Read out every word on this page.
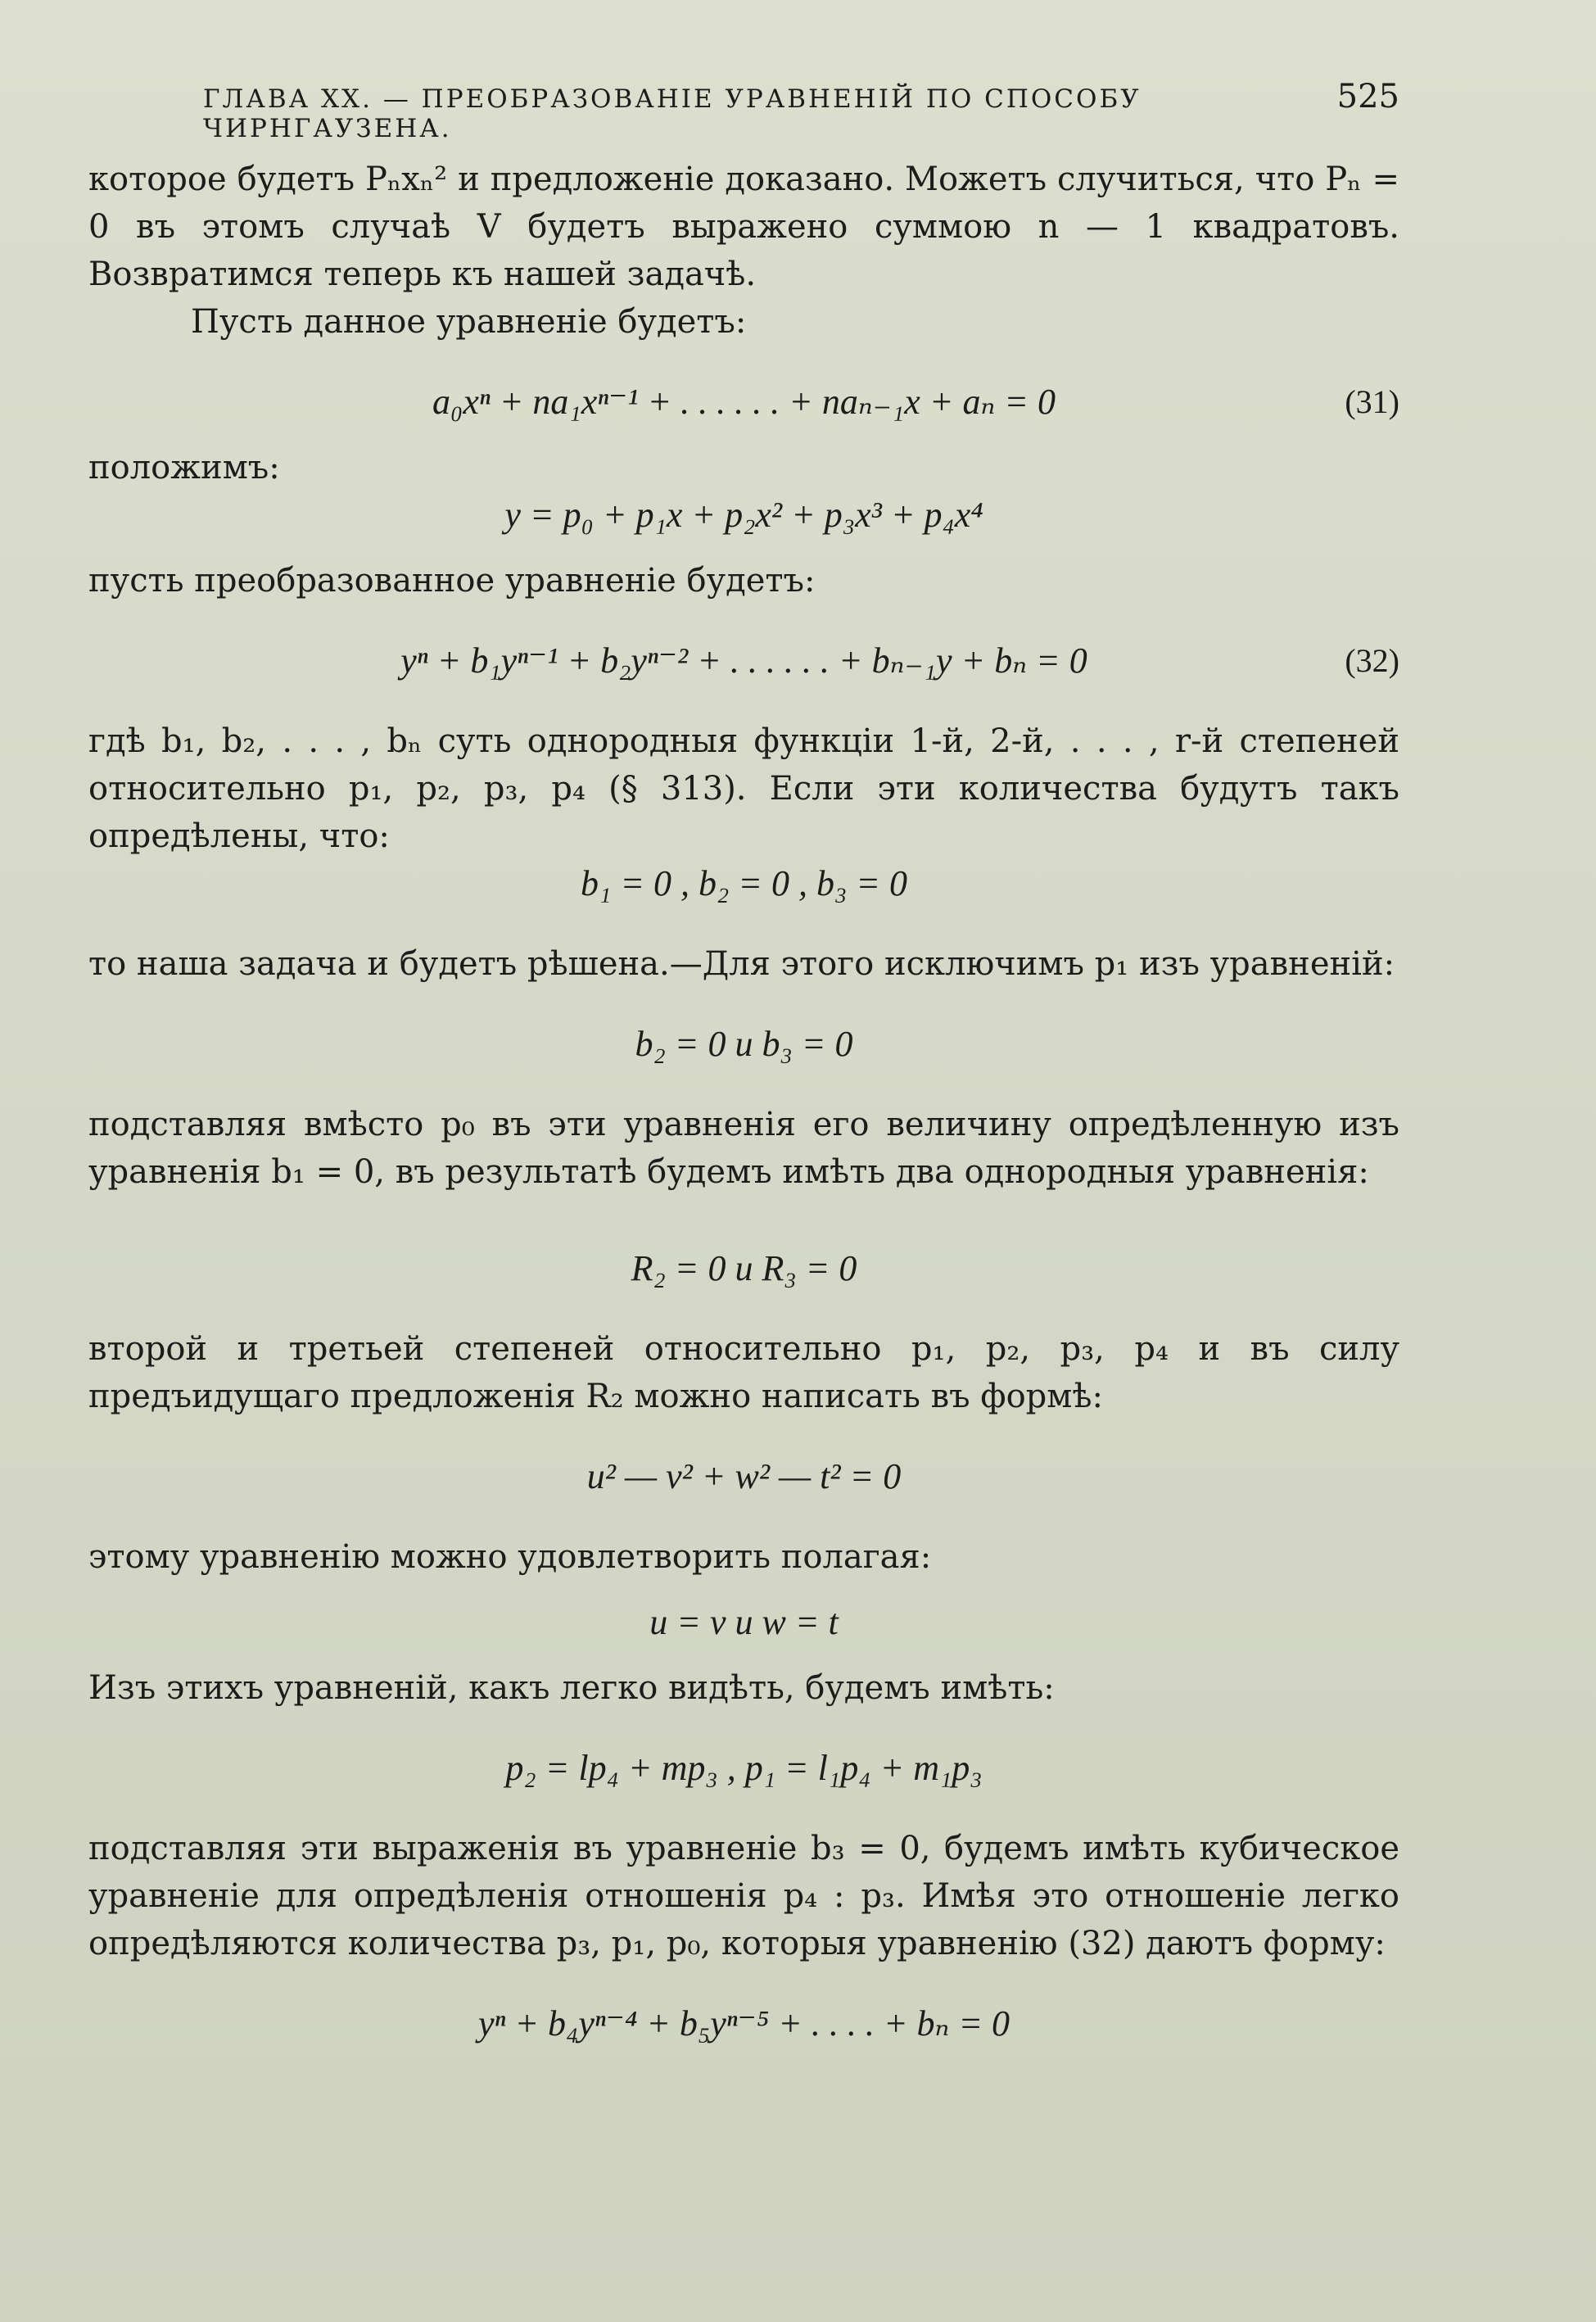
ГЛАВА XX. — ПРЕОБРАЗОВАНIЕ УРАВНЕНIЙ ПО СПОСОБУ ЧИРНГАУЗЕНА.
525

которое будетъ Pₙxₙ² и предложенiе доказано. Можетъ случиться, что Pₙ = 0 въ этомъ случаѣ V будетъ выражено суммою n — 1 квадратовъ. Возвратимся теперь къ нашей задачѣ.

Пусть данное уравненiе будетъ:

a₀xⁿ + na₁xⁿ⁻¹ + . . . . . . + naₙ₋₁x + aₙ = 0	(31)

положимъ:

y = p₀ + p₁x + p₂x² + p₃x³ + p₄x⁴

пусть преобразованное уравненiе будетъ:

yⁿ + b₁yⁿ⁻¹ + b₂yⁿ⁻² + . . . . . . + bₙ₋₁y + bₙ = 0	(32)

гдѣ b₁, b₂, . . . , bₙ суть однородныя функцiи 1-й, 2-й, . . . , r-й степеней относительно p₁, p₂, p₃, p₄ (§ 313). Если эти количества будутъ такъ опредѣлены, что:

b₁ = 0 , b₂ = 0 , b₃ = 0

то наша задача и будетъ рѣшена.—Для этого исключимъ p₁ изъ уравненiй:

b₂ = 0 и b₃ = 0

подставляя вмѣсто p₀ въ эти уравненiя его величину опредѣленную изъ уравненiя b₁ = 0, въ результатѣ будемъ имѣть два однородныя уравненiя:

R₂ = 0 и R₃ = 0

второй и третьей степеней относительно p₁, p₂, p₃, p₄ и въ силу предъидущаго предложенiя R₂ можно написать въ формѣ:

u² — v² + w² — t² = 0

этому уравненiю можно удовлетворить полагая:

u = v и w = t

Изъ этихъ уравненiй, какъ легко видѣть, будемъ имѣть:

p₂ = lp₄ + mp₃ , p₁ = l₁p₄ + m₁p₃

подставляя эти выраженiя въ уравненiе b₃ = 0, будемъ имѣть кубическое уравненiе для опредѣленiя отношенiя p₄ : p₃. Имѣя это отношенiе легко опредѣляются количества p₃, p₁, p₀, которыя уравненiю (32) даютъ форму:

yⁿ + b₄yⁿ⁻⁴ + b₅yⁿ⁻⁵ + . . . . + bₙ = 0
